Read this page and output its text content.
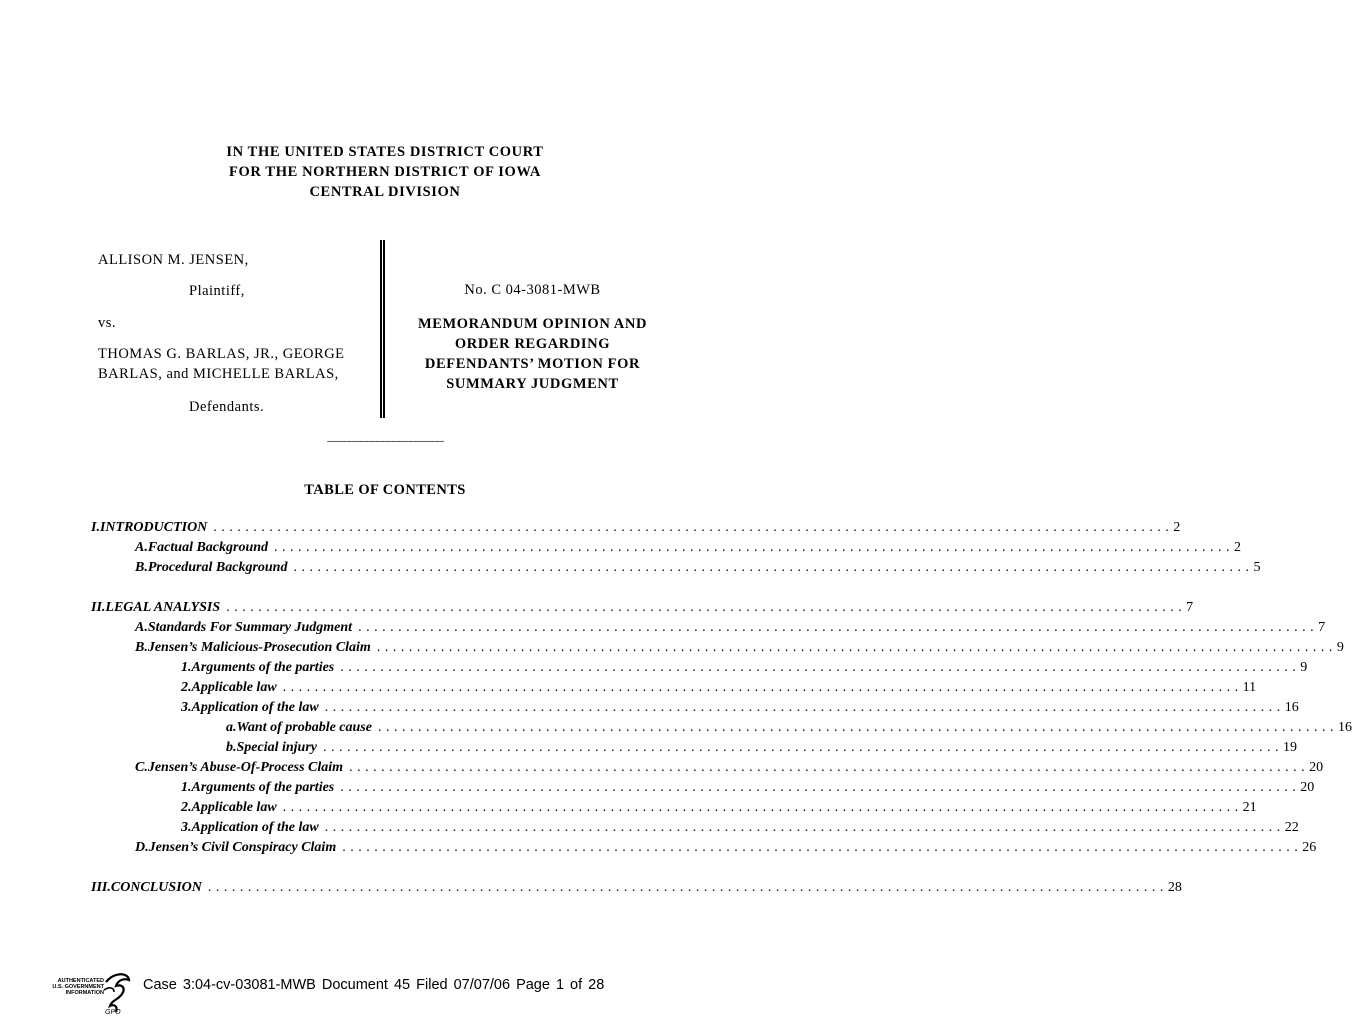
IN THE UNITED STATES DISTRICT COURT
FOR THE NORTHERN DISTRICT OF IOWA
CENTRAL DIVISION
ALLISON M. JENSEN,
Plaintiff,
vs.
THOMAS G. BARLAS, JR., GEORGE
BARLAS, and MICHELLE BARLAS,
Defendants.
No. C 04-3081-MWB
MEMORANDUM OPINION AND
ORDER REGARDING
DEFENDANTS’ MOTION FOR
SUMMARY JUDGMENT
_____________________
TABLE OF CONTENTS
I. INTRODUCTION ........................................................................................................................ 2
A. Factual Background ........................................................................................................................ 2
B. Procedural Background ........................................................................................................................ 5
II. LEGAL ANALYSIS ........................................................................................................................ 7
A. Standards For Summary Judgment ........................................................................................................................ 7
B. Jensen’s Malicious-Prosecution Claim ........................................................................................................................ 9
1. Arguments of the parties ........................................................................................................................ 9
2. Applicable law ........................................................................................................................ 11
3. Application of the law ........................................................................................................................ 16
a. Want of probable cause ........................................................................................................................ 16
b. Special injury ........................................................................................................................ 19
C. Jensen’s Abuse-Of-Process Claim ........................................................................................................................ 20
1. Arguments of the parties ........................................................................................................................ 20
2. Applicable law ........................................................................................................................ 21
3. Application of the law ........................................................................................................................ 22
D. Jensen’s Civil Conspiracy Claim ........................................................................................................................ 26
III. CONCLUSION ........................................................................................................................ 28
AUTHENTICATED
U.S. GOVERNMENT
INFORMATION
GPO
Case 3:04-cv-03081-MWB Document 45 Filed 07/07/06 Page 1 of 28
